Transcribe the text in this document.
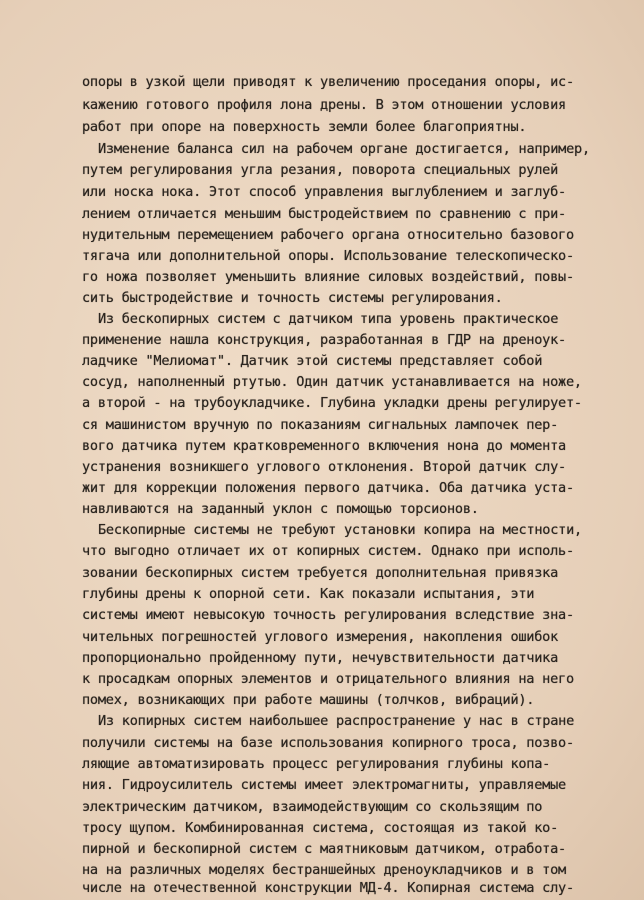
опоры в узкой щели приводят к увеличению проседания опоры, ис-
кажению готового профиля лона дрены. В этом отношении условия
работ при опоре на поверхность земли более благоприятны.
Изменение баланса сил на рабочем органе достигается, например,
путем регулирования угла резания, поворота специальных рулей
или носка нока. Этот способ управления выглублением и заглуб-
лением отличается меньшим быстродействием по сравнению с при-
нудительным перемещением рабочего органа относительно базового
тягача или дополнительной опоры. Использование телескопическо-
го ножа позволяет уменьшить влияние силовых воздействий, повы-
сить быстродействие и точность системы регулирования.
Из бескопирных систем с датчиком типа уровень практическое
применение нашла конструкция, разработанная в ГДР на дреноук-
ладчике "Мелиомат". Датчик этой системы представляет собой
сосуд, наполненный ртутью. Один датчик устанавливается на ноже,
а второй - на трубоукладчике. Глубина укладки дрены регулирует-
ся машинистом вручную по показаниям сигнальных лампочек пер-
вого датчика путем кратковременного включения нона до момента
устранения возникшего углового отклонения. Второй датчик слу-
жит для коррекции положения первого датчика. Оба датчика уста-
навливаются на заданный уклон с помощью торсионов.
Бескопирные системы не требуют установки копира на местности,
что выгодно отличает их от копирных систем. Однако при исполь-
зовании бескопирных систем требуется дополнительная привязка
глубины дрены к опорной сети. Как показали испытания, эти
системы имеют невысокую точность регулирования вследствие зна-
чительных погрешностей углового измерения, накопления ошибок
пропорционально пройденному пути, нечувствительности датчика
к просадкам опорных элементов и отрицательного влияния на него
помех, возникающих при работе машины (толчков, вибраций).
Из копирных систем наибольшее распространение у нас в стране
получили системы на базе использования копирного троса, позво-
ляющие автоматизировать процесс регулирования глубины копа-
ния. Гидроусилитель системы имеет электромагниты, управляемые
электрическим датчиком, взаимодействующим со скользящим по
тросу щупом. Комбинированная система, состоящая из такой ко-
пирной и бескопирной систем с маятниковым датчиком, отработа-
на на различных моделях бестраншейных дреноукладчиков и в том
числе на отечественной конструкции МД-4. Копирная система слу-
